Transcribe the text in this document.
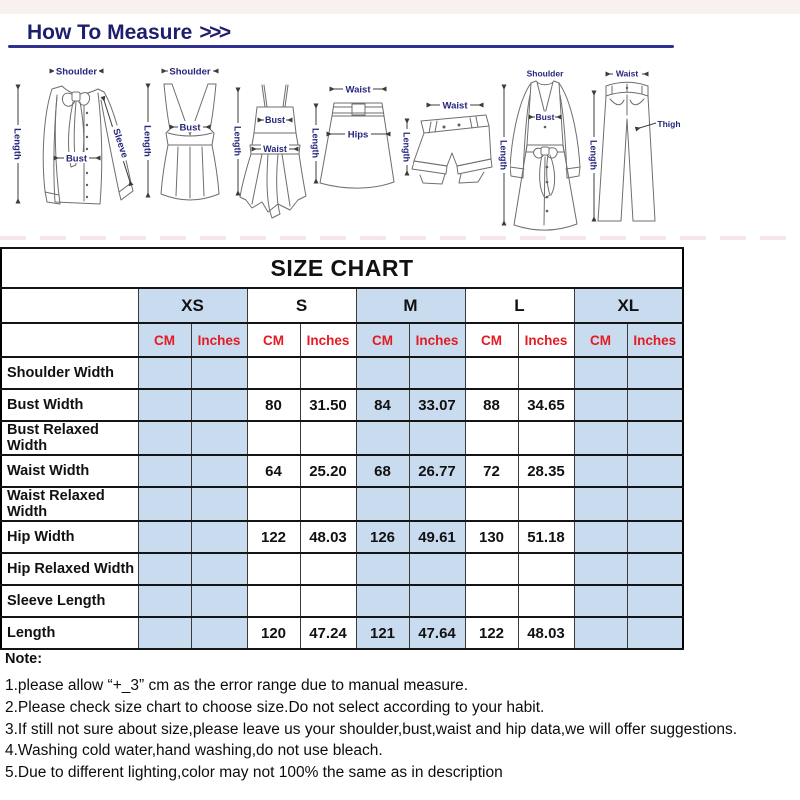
How To Measure >>>
Shoulder
Length	Bust Sleeve
Shoulder
Length	Bust
Bust
Waist
Length
Waist
Hips
Length
Waist
Length
Shoulder
Bust
Length
Waist
Thigh
Length
SIZE CHART										
	XS		S		M		L		XL	
	CM	Inches	CM	Inches	CM	Inches	CM	Inches	CM	Inches
Shoulder Width										
Bust Width			80	31.50	84	33.07	88	34.65		
Bust Relaxed Width										
Waist Width			64	25.20	68	26.77	72	28.35		
Waist Relaxed Width										
Hip Width			122	48.03	126	49.61	130	51.18		
Hip Relaxed Width										
Sleeve Length										
Length			120	47.24	121	47.64	122	48.03		
Note:
1.please allow “+_3” cm as the error range due to manual measure.
2.Please check size chart to choose size.Do not select according to your habit.
3.If still not sure about size,please leave us your shoulder,bust,waist and hip data,we will offer suggestions.
4.Washing cold water,hand washing,do not use bleach.
5.Due to different lighting,color may not 100% the same as in description
